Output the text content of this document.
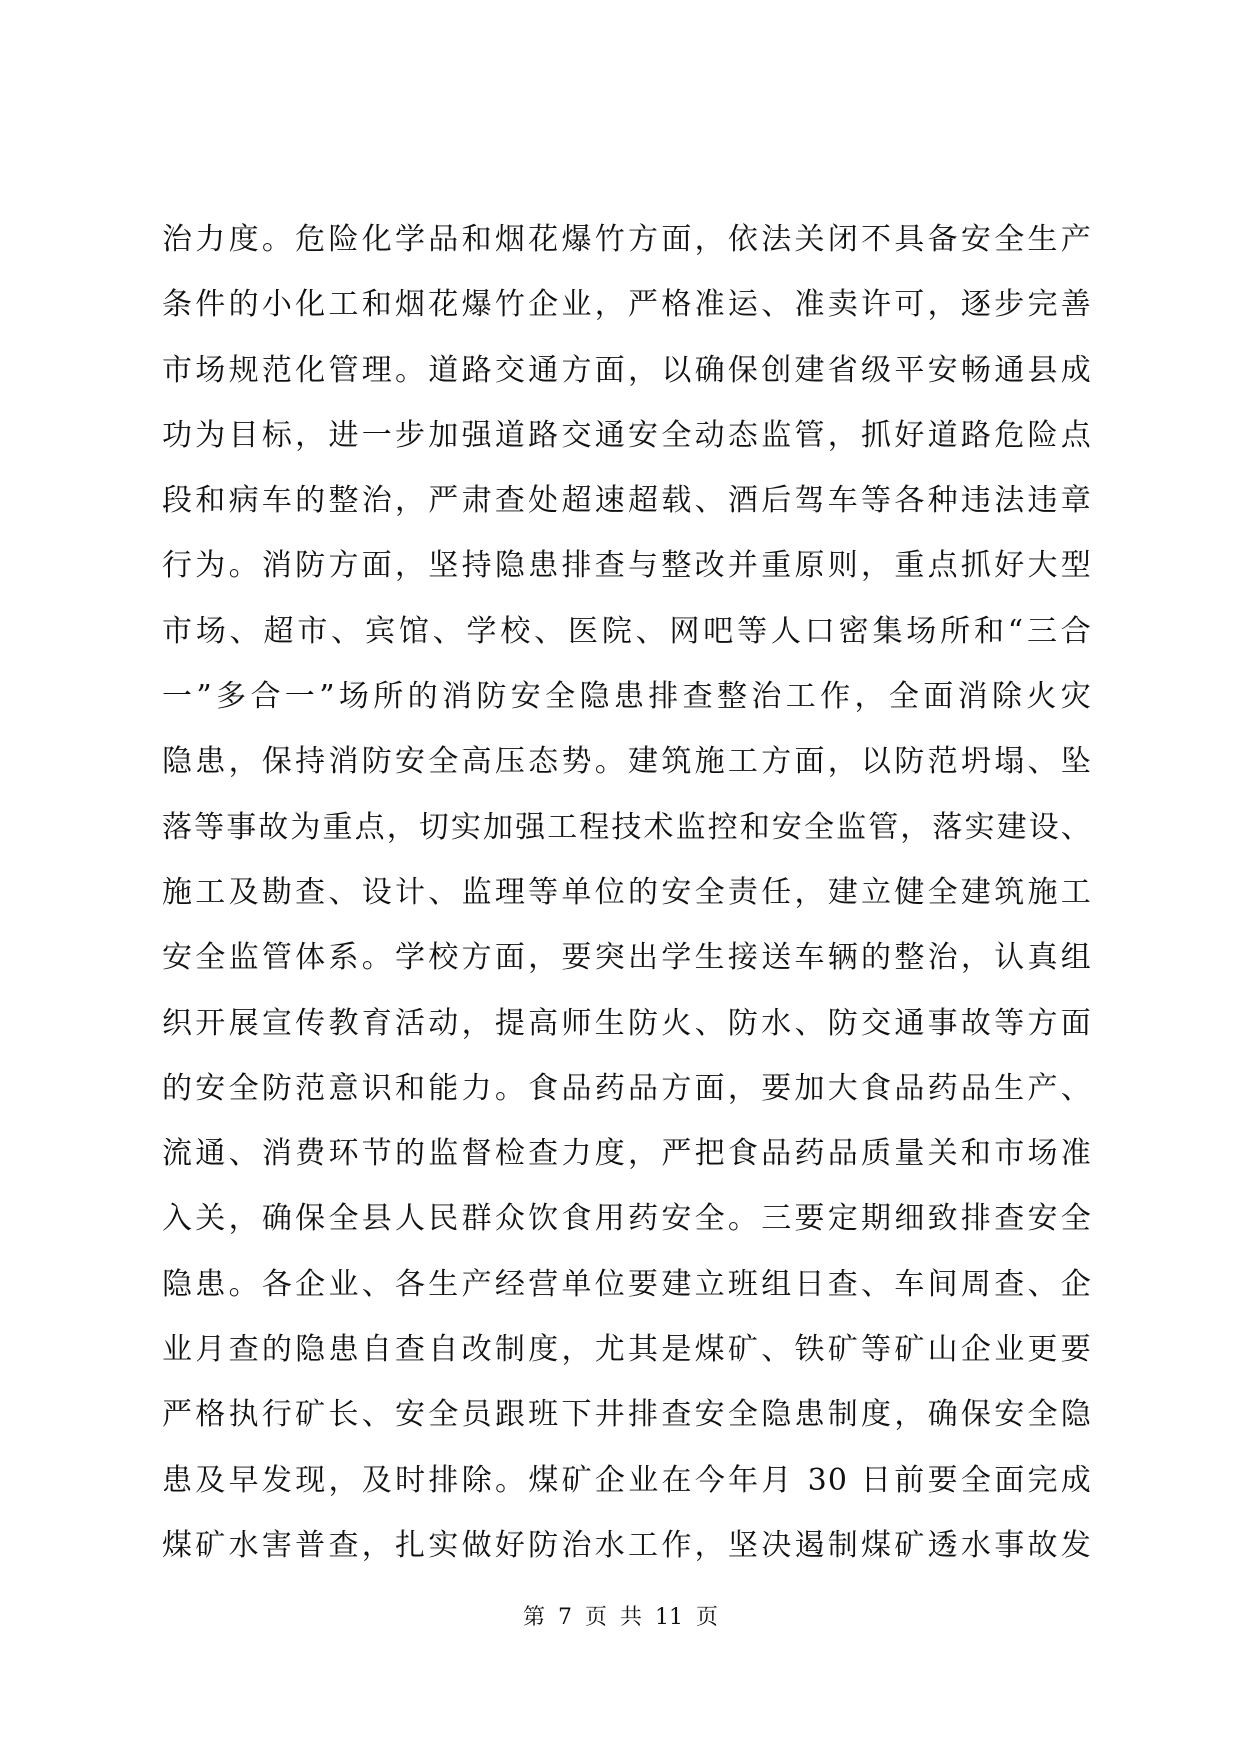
治力度。危险化学品和烟花爆竹方面，依法关闭不具备安全生产
条件的小化工和烟花爆竹企业，严格准运、准卖许可，逐步完善
市场规范化管理。道路交通方面，以确保创建省级平安畅通县成
功为目标，进一步加强道路交通安全动态监管，抓好道路危险点
段和病车的整治，严肃查处超速超载、酒后驾车等各种违法违章
行为。消防方面，坚持隐患排查与整改并重原则，重点抓好大型
市场、超市、宾馆、学校、医院、网吧等人口密集场所和“三合
一”多合一”场所的消防安全隐患排查整治工作，全面消除火灾
隐患，保持消防安全高压态势。建筑施工方面，以防范坍塌、坠
落等事故为重点，切实加强工程技术监控和安全监管，落实建设、
施工及勘查、设计、监理等单位的安全责任，建立健全建筑施工
安全监管体系。学校方面，要突出学生接送车辆的整治，认真组
织开展宣传教育活动，提高师生防火、防水、防交通事故等方面
的安全防范意识和能力。食品药品方面，要加大食品药品生产、
流通、消费环节的监督检查力度，严把食品药品质量关和市场准
入关，确保全县人民群众饮食用药安全。三要定期细致排查安全
隐患。各企业、各生产经营单位要建立班组日查、车间周查、企
业月查的隐患自查自改制度，尤其是煤矿、铁矿等矿山企业更要
严格执行矿长、安全员跟班下井排查安全隐患制度，确保安全隐
患及早发现，及时排除。煤矿企业在今年月 30 日前要全面完成
煤矿水害普查，扎实做好防治水工作，坚决遏制煤矿透水事故发
第 7 页 共 11 页
